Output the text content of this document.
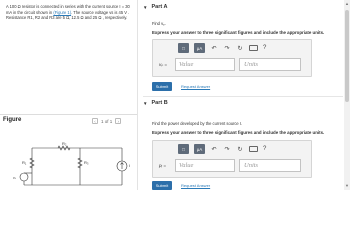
A 100 Ω resistor is connected in series with the current source I = 30 mA in the circuit shown in (Figure 1). The source voltage vs is 45 V . Resistance R1, R2 and R3 are 5 Ω, 12.5 Ω and 25 Ω , respectively.

Figure	‹	1 of 1	›
R₂
R₁
vₛ
R₃
I
▼ Part A
Find vₚ.
Express your answer to three significant figures and include the appropriate units.
□	μA	↶ ↷ ↻	?
vₚ =	Value	Units
Submit	Request Answer
▼ Part B
Find the power developed by the current source I.
Express your answer to three significant figures and include the appropriate units.
□	μA	↶ ↷ ↻	?
pᵢ =	Value	Units
Submit	Request Answer
▲
▼
